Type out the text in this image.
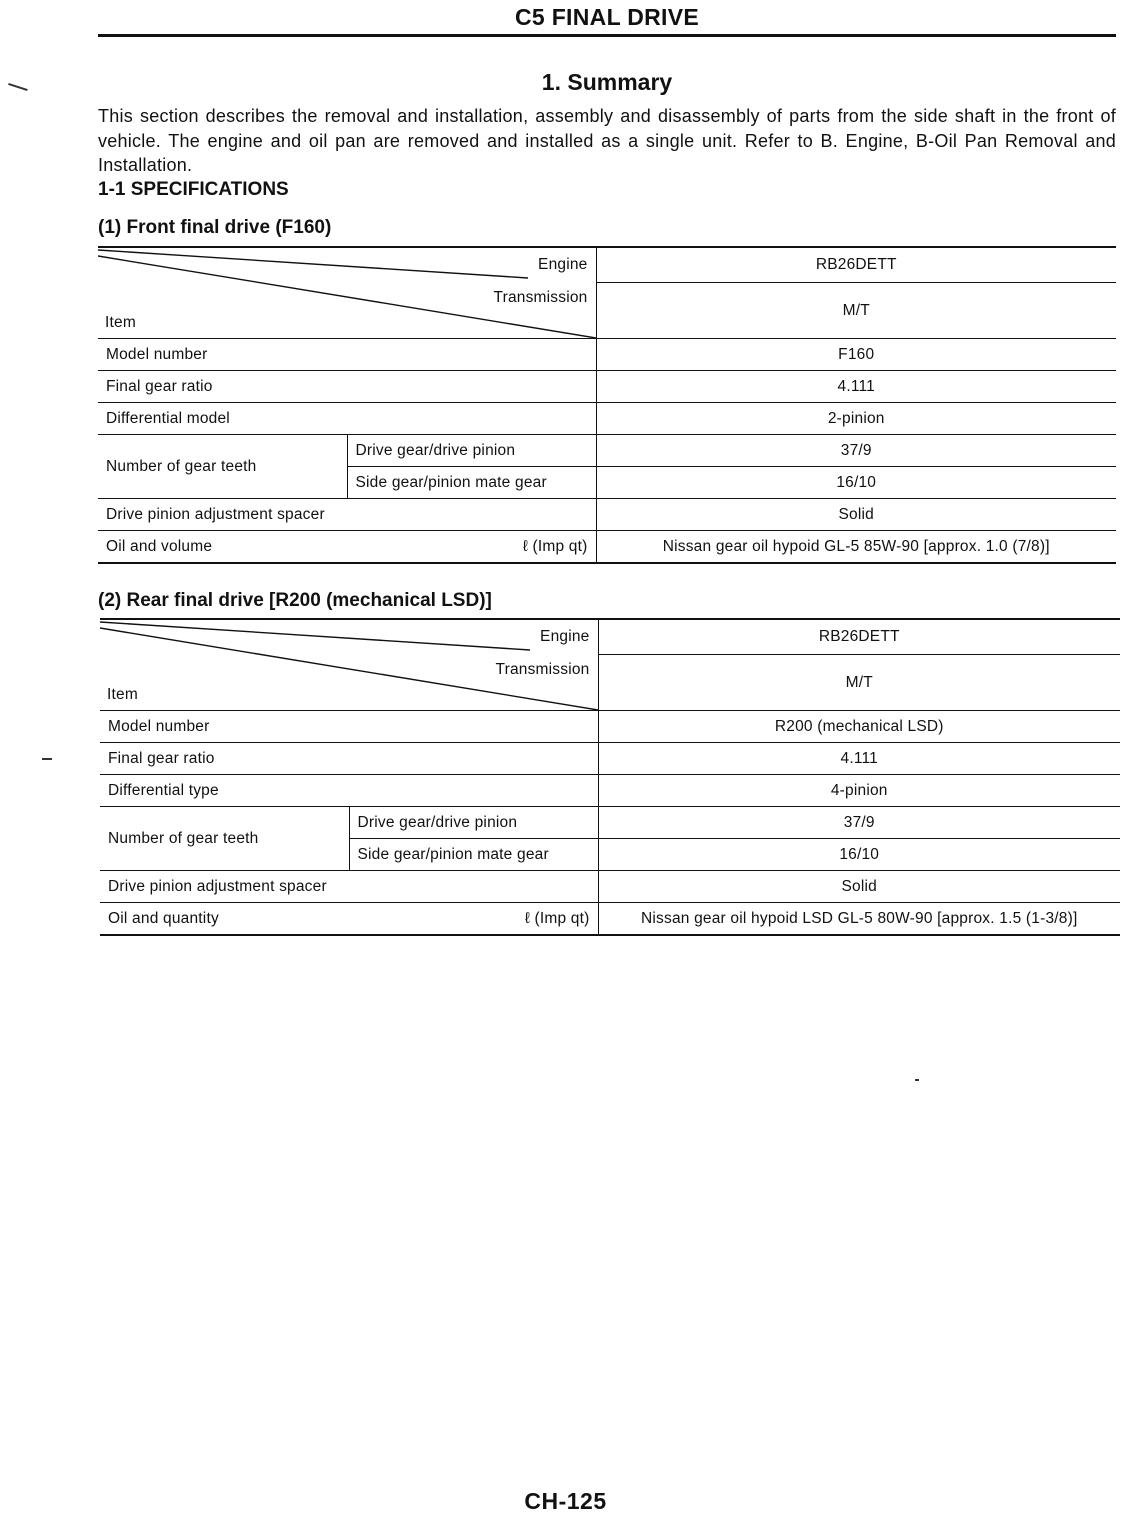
C5 FINAL DRIVE
1. Summary
This section describes the removal and installation, assembly and disassembly of parts from the side shaft in the front of vehicle. The engine and oil pan are removed and installed as a single unit. Refer to B. Engine, B-Oil Pan Removal and Installation.
1-1 SPECIFICATIONS
(1) Front final drive (F160)
Engine
Transmission
Item		RB26DETT
		M/T
Model number		F160
Final gear ratio		4.111
Differential model		2-pinion
Number of gear teeth	Drive gear/drive pinion	37/9
	Side gear/pinion mate gear	16/10
Drive pinion adjustment spacer		Solid
Oil and volume ℓ (Imp qt)		Nissan gear oil hypoid GL-5 85W-90 [approx. 1.0 (7/8)]
(2) Rear final drive [R200 (mechanical LSD)]
Engine
Transmission
Item		RB26DETT
		M/T
Model number		R200 (mechanical LSD)
Final gear ratio		4.111
Differential type		4-pinion
Number of gear teeth	Drive gear/drive pinion	37/9
	Side gear/pinion mate gear	16/10
Drive pinion adjustment spacer		Solid
Oil and quantity ℓ (Imp qt)		Nissan gear oil hypoid LSD GL-5 80W-90 [approx. 1.5 (1-3/8)]
CH-125
